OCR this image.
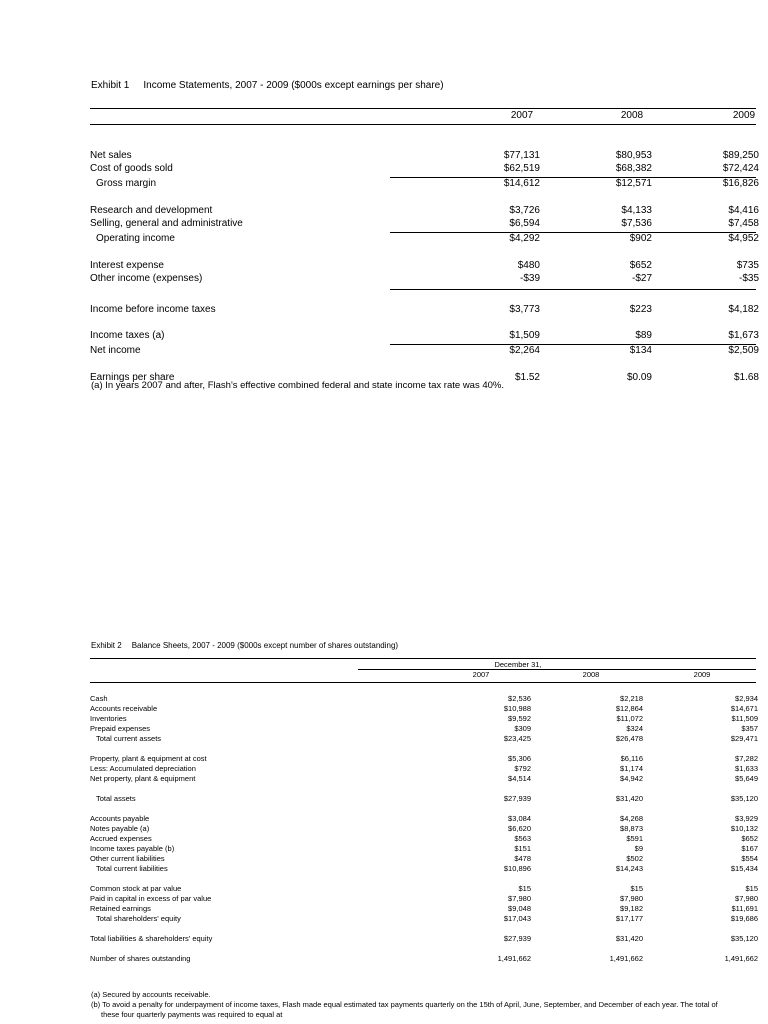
Exhibit 1 Income Statements, 2007 - 2009 ($000s except earnings per share)
2007	2008	2009
Net sales	$77,131	$80,953	$89,250
Cost of goods sold	$62,519	$68,382	$72,424
Gross margin	$14,612	$12,571	$16,826
Research and development	$3,726	$4,133	$4,416
Selling, general and administrative	$6,594	$7,536	$7,458
Operating income	$4,292	$902	$4,952
Interest expense	$480	$652	$735
Other income (expenses)	-$39	-$27	-$35
Income before income taxes	$3,773	$223	$4,182
Income taxes (a)	$1,509	$89	$1,673
Net income	$2,264	$134	$2,509
Earnings per share	$1.52	$0.09	$1.68
(a) In years 2007 and after, Flash's effective combined federal and state income tax rate was 40%.
Exhibit 2 Balance Sheets, 2007 - 2009 ($000s except number of shares outstanding)
December 31,
2007	2008	2009
Cash	$2,536	$2,218	$2,934
Accounts receivable	$10,988	$12,864	$14,671
Inventories	$9,592	$11,072	$11,509
Prepaid expenses	$309	$324	$357
Total current assets	$23,425	$26,478	$29,471
Property, plant & equipment at cost	$5,306	$6,116	$7,282
Less: Accumulated depreciation	$792	$1,174	$1,633
Net property, plant & equipment	$4,514	$4,942	$5,649
Total assets	$27,939	$31,420	$35,120
Accounts payable	$3,084	$4,268	$3,929
Notes payable (a)	$6,620	$8,873	$10,132
Accrued expenses	$563	$591	$652
Income taxes payable (b)	$151	$9	$167
Other current liabilities	$478	$502	$554
Total current liabilities	$10,896	$14,243	$15,434
Common stock at par value	$15	$15	$15
Paid in capital in excess of par value	$7,980	$7,980	$7,980
Retained earnings	$9,048	$9,182	$11,691
Total shareholders' equity	$17,043	$17,177	$19,686
Total liabilities & shareholders' equity	$27,939	$31,420	$35,120
Number of shares outstanding	1,491,662	1,491,662	1,491,662
(a) Secured by accounts receivable.
(b) To avoid a penalty for underpayment of income taxes, Flash made equal estimated tax payments quarterly on the 15th of April, June, September, and December of each year. The total of these four quarterly payments was required to equal at
